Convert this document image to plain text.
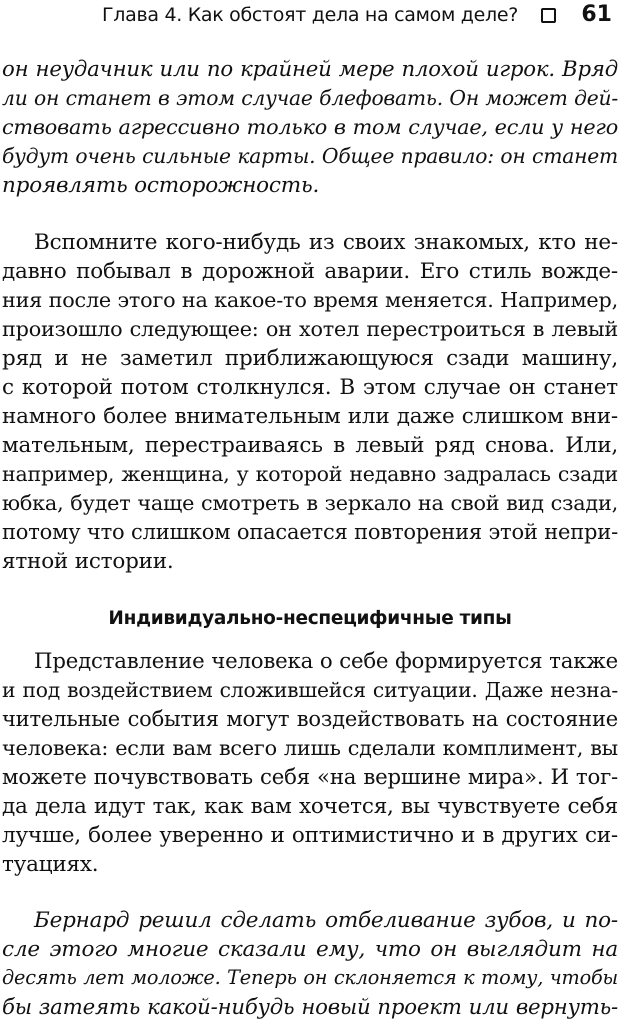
Глава 4. Как обстоят дела на самом деле?	61
он неудачник или по крайней мере плохой игрок. Вряд
ли он станет в этом случае блефовать. Он может дей-
ствовать агрессивно только в том случае, если у него
будут очень сильные карты. Общее правило: он станет
проявлять осторожность.
Вспомните кого-нибудь из своих знакомых, кто не-
давно побывал в дорожной аварии. Его стиль вожде-
ния после этого на какое-то время меняется. Например,
произошло следующее: он хотел перестроиться в левый
ряд и не заметил приближающуюся сзади машину,
с которой потом столкнулся. В этом случае он станет
намного более внимательным или даже слишком вни-
мательным, перестраиваясь в левый ряд снова. Или,
например, женщина, у которой недавно задралась сзади
юбка, будет чаще смотреть в зеркало на свой вид сзади,
потому что слишком опасается повторения этой непри-
ятной истории.
Индивидуально-неспецифичные типы
Представление человека о себе формируется также
и под воздействием сложившейся ситуации. Даже незна-
чительные события могут воздействовать на состояние
человека: если вам всего лишь сделали комплимент, вы
можете почувствовать себя «на вершине мира». И тог-
да дела идут так, как вам хочется, вы чувствуете себя
лучше, более уверенно и оптимистично и в других си-
туациях.
Бернард решил сделать отбеливание зубов, и по-
сле этого многие сказали ему, что он выглядит на
десять лет моложе. Теперь он склоняется к тому, чтобы
бы затеять какой-нибудь новый проект или вернуть-
